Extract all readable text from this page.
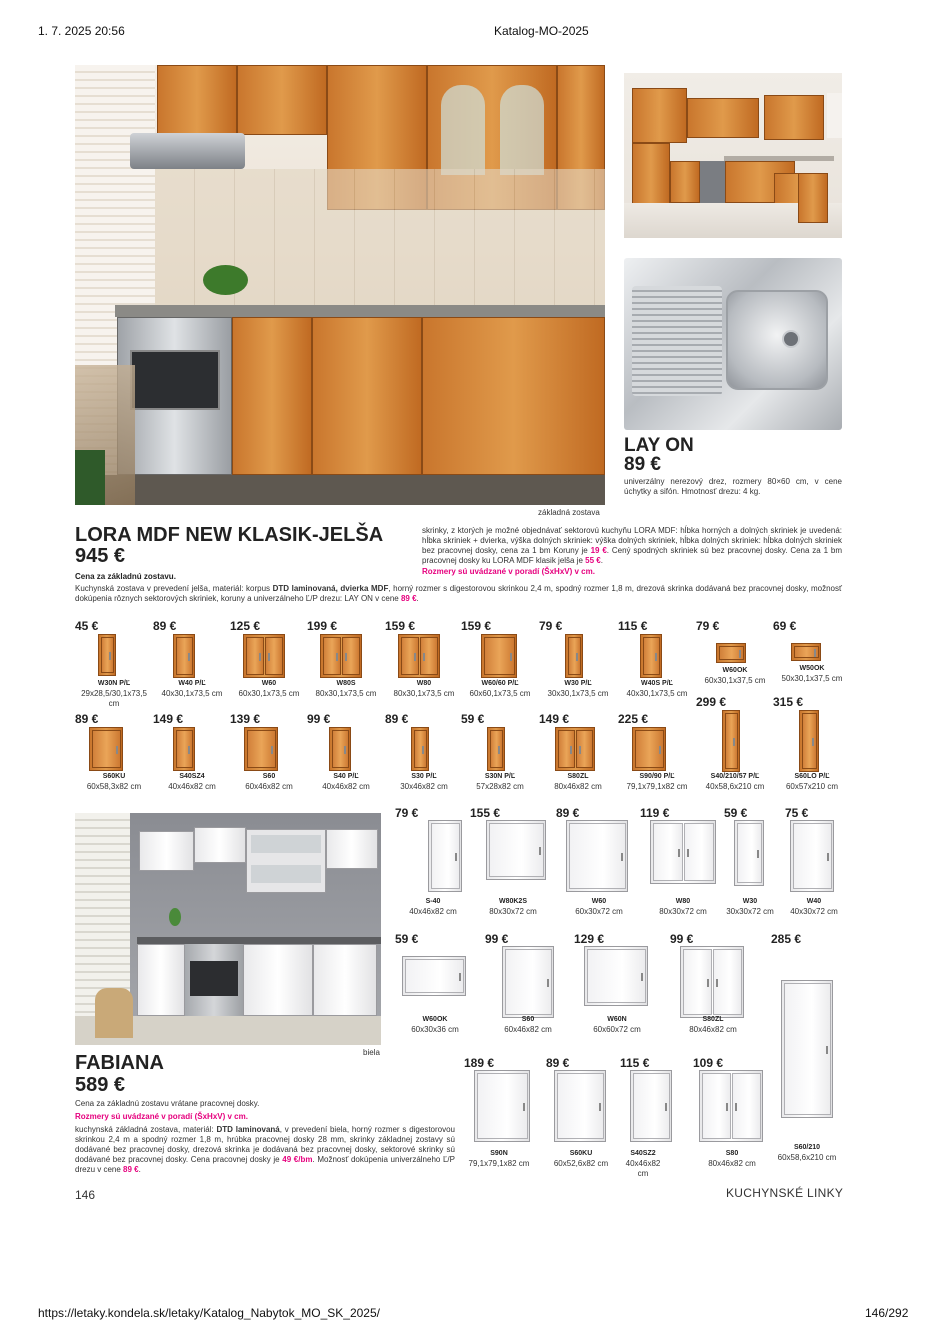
1. 7. 2025 20:56	Katalog-MO-2025
základná zostava
LAY ON
89 €
univerzálny nerezový drez, rozmery 80×60 cm, v cene úchytky a sifón. Hmotnosť drezu: 4 kg.
LORA MDF NEW KLASIK-JELŠA
945 €
Cena za základnú zostavu.
skrinky, z ktorých je možné objednávať sektorovú kuchyňu LORA MDF: hĺbka horných a dolných skriniek je uvedená: hĺbka skriniek + dvierka, výška dolných skriniek: výška dolných skriniek, hĺbka dolných skriniek: hĺbka dolných skriniek bez pracovnej dosky, cena za 1 bm Koruny je 19 €. Cený spodných skriniek sú bez pracovnej dosky. Cena za 1 bm pracovnej dosky ku LORA MDF klasik jelša je 55 €.
Rozmery sú uvádzané v poradí (ŠxHxV) v cm.
Kuchynská zostava v prevedení jelša, materiál: korpus DTD laminovaná, dvierka MDF, horný rozmer s digestorovou skrinkou 2,4 m, spodný rozmer 1,8 m, drezová skrinka dodávaná bez pracovnej dosky, možnosť dokúpenia rôznych sektorových skriniek, koruny a univerzálneho Ľ/P drezu: LAY ON v cene 89 €.
45 €
W30N P/Ľ
29x28,5/30,1x73,5 cm
89 €
W40 P/Ľ
40x30,1x73,5 cm
125 €
W60
60x30,1x73,5 cm
199 €
W80S
80x30,1x73,5 cm
159 €
W80
80x30,1x73,5 cm
159 €
W60/60 P/Ľ
60x60,1x73,5 cm
79 €
W30 P/Ľ
30x30,1x73,5 cm
115 €
W40S P/Ľ
40x30,1x73,5 cm
79 €
W60OK
60x30,1x37,5 cm
69 €
W50OK
50x30,1x37,5 cm
89 €
S60KU
60x58,3x82 cm
149 €
S40SZ4
40x46x82 cm
139 €
S60
60x46x82 cm
99 €
S40 P/Ľ
40x46x82 cm
89 €
S30 P/Ľ
30x46x82 cm
59 €
S30N P/Ľ
57x28x82 cm
149 €
S80ZL
80x46x82 cm
225 €
S90/90 P/Ľ
79,1x79,1x82 cm
299 €
S40/210/57 P/Ľ
40x58,6x210 cm
315 €
S60LO P/Ľ
60x57x210 cm
biela
FABIANA
589 €
Cena za základnú zostavu vrátane pracovnej dosky.
Rozmery sú uvádzané v poradí (ŠxHxV) v cm.
kuchynská základná zostava, materiál: DTD laminovaná, v prevedení biela, horný rozmer s digestorovou skrinkou 2,4 m a spodný rozmer 1,8 m, hrúbka pracovnej dosky 28 mm, skrinky základnej zostavy sú dodávané bez pracovnej dosky, drezová skrinka je dodávaná bez pracovnej dosky, sektorové skrinky sú dodávané bez pracovnej dosky. Cena pracovnej dosky je 49 €/bm. Možnosť dokúpenia univerzálneho Ľ/P drezu v cene 89 €.
79 €
S-40
40x46x82 cm
155 €
W80K2S
80x30x72 cm
89 €
W60
60x30x72 cm
119 €
W80
80x30x72 cm
59 €
W30
30x30x72 cm
75 €
W40
40x30x72 cm
59 €
W60OK
60x30x36 cm
99 €
S60
60x46x82 cm
129 €
W60N
60x60x72 cm
99 €
S80ZL
80x46x82 cm
285 €
S60/210
60x58,6x210 cm
189 €
S90N
79,1x79,1x82 cm
89 €
S60KU
60x52,6x82 cm
115 €
S40SZ2
40x46x82 cm
109 €
S80
80x46x82 cm
146	KUCHYNSKÉ LINKY
https://letaky.kondela.sk/letaky/Katalog_Nabytok_MO_SK_2025/	146/292
